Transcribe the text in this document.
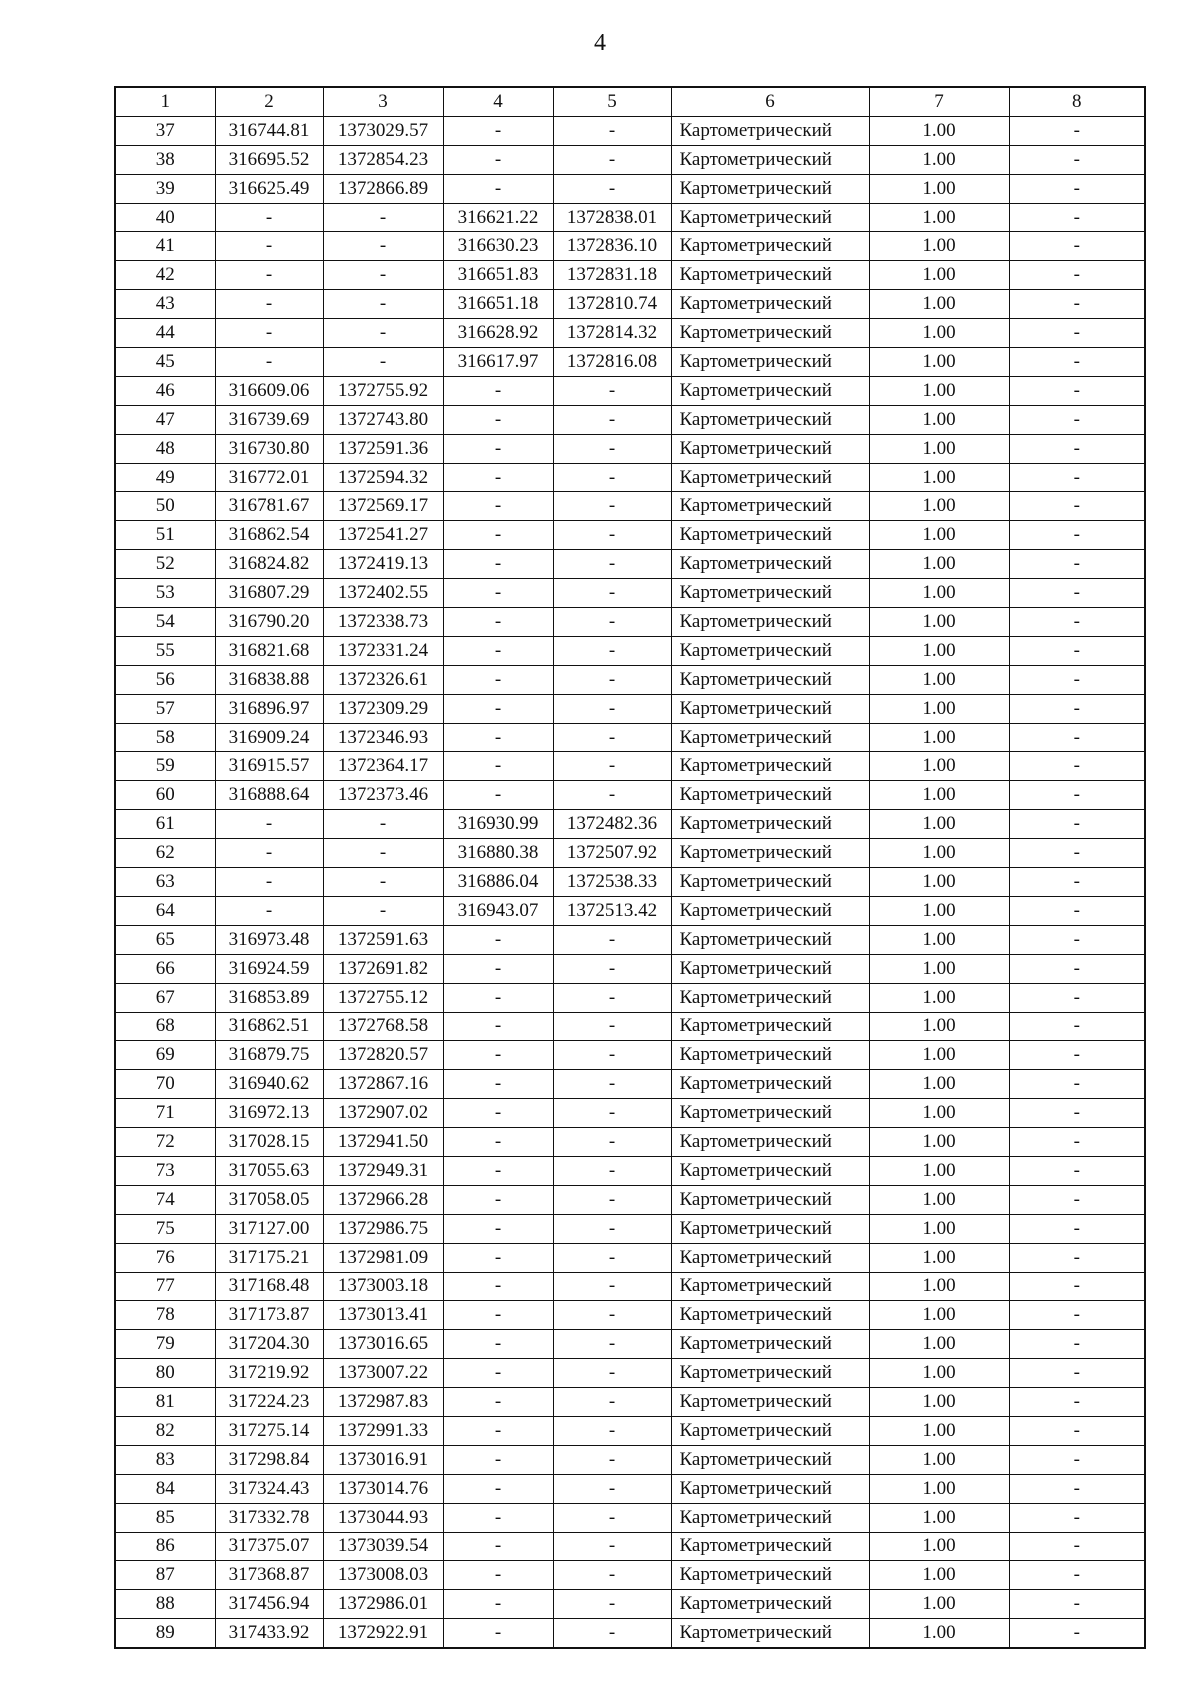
4
1	2	3	4	5	6	7	8
37	316744.81	1373029.57	-	-	Картометрический	1.00	-
38	316695.52	1372854.23	-	-	Картометрический	1.00	-
39	316625.49	1372866.89	-	-	Картометрический	1.00	-
40	-	-	316621.22	1372838.01	Картометрический	1.00	-
41	-	-	316630.23	1372836.10	Картометрический	1.00	-
42	-	-	316651.83	1372831.18	Картометрический	1.00	-
43	-	-	316651.18	1372810.74	Картометрический	1.00	-
44	-	-	316628.92	1372814.32	Картометрический	1.00	-
45	-	-	316617.97	1372816.08	Картометрический	1.00	-
46	316609.06	1372755.92	-	-	Картометрический	1.00	-
47	316739.69	1372743.80	-	-	Картометрический	1.00	-
48	316730.80	1372591.36	-	-	Картометрический	1.00	-
49	316772.01	1372594.32	-	-	Картометрический	1.00	-
50	316781.67	1372569.17	-	-	Картометрический	1.00	-
51	316862.54	1372541.27	-	-	Картометрический	1.00	-
52	316824.82	1372419.13	-	-	Картометрический	1.00	-
53	316807.29	1372402.55	-	-	Картометрический	1.00	-
54	316790.20	1372338.73	-	-	Картометрический	1.00	-
55	316821.68	1372331.24	-	-	Картометрический	1.00	-
56	316838.88	1372326.61	-	-	Картометрический	1.00	-
57	316896.97	1372309.29	-	-	Картометрический	1.00	-
58	316909.24	1372346.93	-	-	Картометрический	1.00	-
59	316915.57	1372364.17	-	-	Картометрический	1.00	-
60	316888.64	1372373.46	-	-	Картометрический	1.00	-
61	-	-	316930.99	1372482.36	Картометрический	1.00	-
62	-	-	316880.38	1372507.92	Картометрический	1.00	-
63	-	-	316886.04	1372538.33	Картометрический	1.00	-
64	-	-	316943.07	1372513.42	Картометрический	1.00	-
65	316973.48	1372591.63	-	-	Картометрический	1.00	-
66	316924.59	1372691.82	-	-	Картометрический	1.00	-
67	316853.89	1372755.12	-	-	Картометрический	1.00	-
68	316862.51	1372768.58	-	-	Картометрический	1.00	-
69	316879.75	1372820.57	-	-	Картометрический	1.00	-
70	316940.62	1372867.16	-	-	Картометрический	1.00	-
71	316972.13	1372907.02	-	-	Картометрический	1.00	-
72	317028.15	1372941.50	-	-	Картометрический	1.00	-
73	317055.63	1372949.31	-	-	Картометрический	1.00	-
74	317058.05	1372966.28	-	-	Картометрический	1.00	-
75	317127.00	1372986.75	-	-	Картометрический	1.00	-
76	317175.21	1372981.09	-	-	Картометрический	1.00	-
77	317168.48	1373003.18	-	-	Картометрический	1.00	-
78	317173.87	1373013.41	-	-	Картометрический	1.00	-
79	317204.30	1373016.65	-	-	Картометрический	1.00	-
80	317219.92	1373007.22	-	-	Картометрический	1.00	-
81	317224.23	1372987.83	-	-	Картометрический	1.00	-
82	317275.14	1372991.33	-	-	Картометрический	1.00	-
83	317298.84	1373016.91	-	-	Картометрический	1.00	-
84	317324.43	1373014.76	-	-	Картометрический	1.00	-
85	317332.78	1373044.93	-	-	Картометрический	1.00	-
86	317375.07	1373039.54	-	-	Картометрический	1.00	-
87	317368.87	1373008.03	-	-	Картометрический	1.00	-
88	317456.94	1372986.01	-	-	Картометрический	1.00	-
89	317433.92	1372922.91	-	-	Картометрический	1.00	-
